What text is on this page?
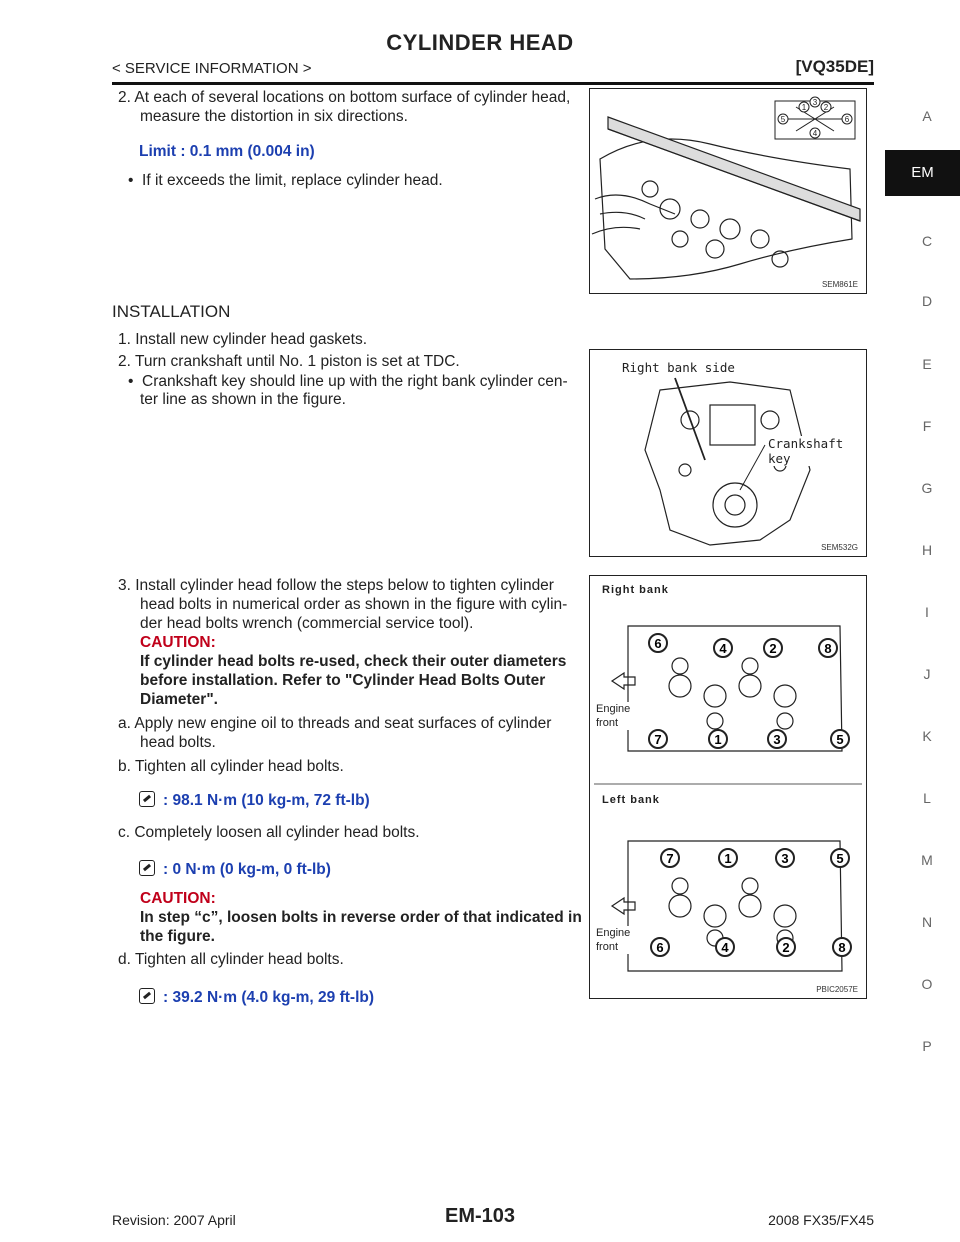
CYLINDER HEAD
< SERVICE INFORMATION >	[VQ35DE]
A
EM
C
D
E
F
G
H
I
J
K
L
M
N
O
P
2. At each of several locations on bottom surface of cylinder head,
measure the distortion in six directions.
Limit : 0.1 mm (0.004 in)
•  If it exceeds the limit, replace cylinder head.
1 2
3
4
5	6
SEM861E
INSTALLATION
1. Install new cylinder head gaskets.
2. Turn crankshaft until No. 1 piston is set at TDC.
•  Crankshaft key should line up with the right bank cylinder cen-
ter line as shown in the figure.
Right bank side
Crankshaft key
SEM532G
3. Install cylinder head follow the steps below to tighten cylinder
head bolts in numerical order as shown in the figure with cylin-
der head bolts wrench (commercial service tool).
CAUTION:
If cylinder head bolts re-used, check their outer diameters
before installation. Refer to "Cylinder Head Bolts Outer
Diameter".
a. Apply new engine oil to threads and seat surfaces of cylinder
head bolts.
b. Tighten all cylinder head bolts.
: 98.1 N·m (10 kg-m, 72 ft-lb)
c. Completely loosen all cylinder head bolts.
: 0 N·m (0 kg-m, 0 ft-lb)
CAUTION:
In step “c”, loosen bolts in reverse order of that indicated in
the figure.
d. Tighten all cylinder head bolts.
: 39.2 N·m (4.0 kg-m, 29 ft-lb)
6	4	2	8
7	1	3	5
7	1	3	5
6	4	2	8
Right bank
Left bank
Engine
front
Engine
front
PBIC2057E
Revision: 2007 April	EM-103	2008 FX35/FX45
